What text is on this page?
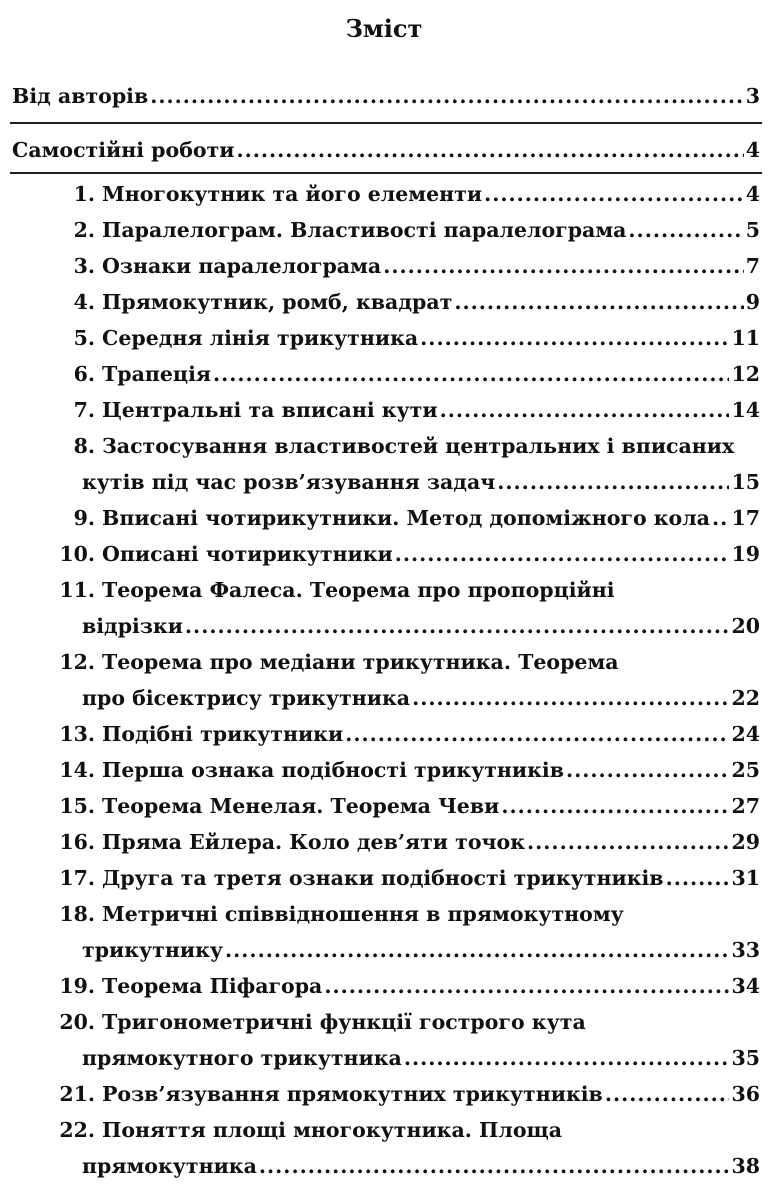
Зміст
Від авторів .....	3
Самостійні роботи .....	4
1. Многокутник та його елементи .....	4
2. Паралелограм. Властивості паралелограма .....	5
3. Ознаки паралелограма .....	7
4. Прямокутник, ромб, квадрат .....	9
5. Середня лінія трикутника .....	11
6. Трапеція .....	12
7. Центральні та вписані кути .....	14
8. Застосування властивостей центральних і вписаних
кутів під час розв’язування задач .....	15
9. Вписані чотирикутники. Метод допоміжного кола ..... 17
10. Описані чотирикутники .....	19
11. Теорема Фалеса. Теорема про пропорційні
відрізки .....	20
12. Теорема про медіани трикутника. Теорема
про бісектрису трикутника .....	22
13. Подібні трикутники .....	24
14. Перша ознака подібності трикутників .....	25
15. Теорема Менелая. Теорема Чеви .....	27
16. Пряма Ейлера. Коло дев’яти точок .....	29
17. Друга та третя ознаки подібності трикутників .....	31
18. Метричні співвідношення в прямокутному
трикутнику .....	33
19. Теорема Піфагора .....	34
20. Тригонометричні функції гострого кута
прямокутного трикутника .....	35
21. Розв’язування прямокутних трикутників .....	36
22. Поняття площі многокутника. Площа
прямокутника .....	38
